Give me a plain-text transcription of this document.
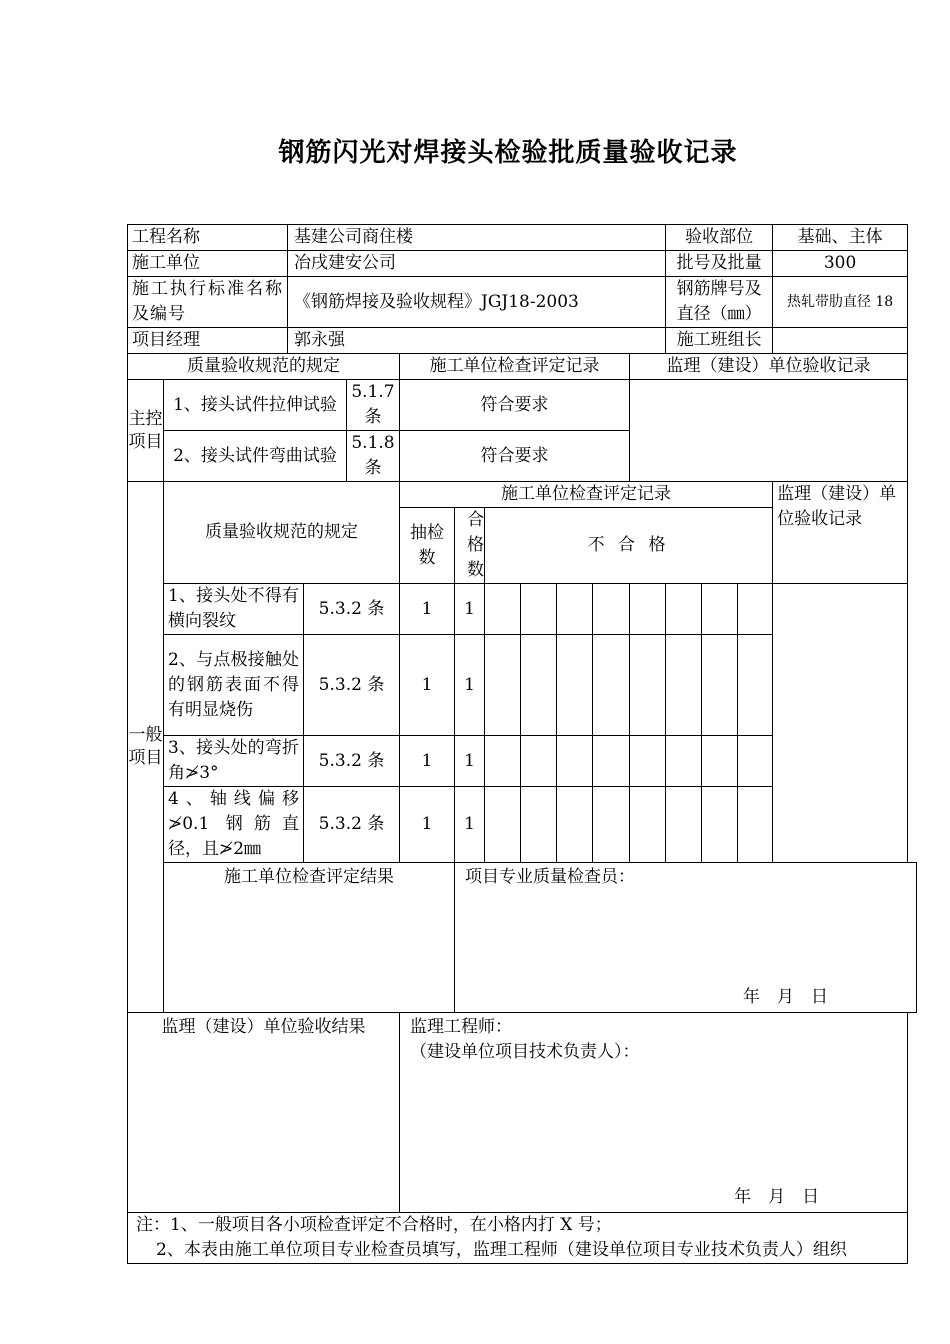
钢筋闪光对焊接头检验批质量验收记录
工程名称		基建公司商住楼										验收部位			基础、主体
施工单位		冶戌建安公司										批号及批量			300
施工执行标准名称及编号		《钢筋焊接及验收规程》JGJ18-2003										钢筋牌号及直径（㎜）			热轧带肋直径 18
项目经理		郭永强										施工班组长			
质量验收规范的规定					施工单位检查评定记录						监理（建设）单位验收记录				
主控项目	1、接头试件拉伸试验			5.1.7 条	符合要求										
	2、接头试件弯曲试验			5.1.8 条	符合要求										
一般项目	质量验收规范的规定				施工单位检查评定记录										监理（建设）单位验收记录
					抽检数	合格数	不 合 格								
	1、接头处不得有横向裂纹		5.3.2 条		1	1									
	2、与点极接触处的钢筋表面不得有明显烧伤		5.3.2 条		1	1									
	3、接头处的弯折角≯3°		5.3.2 条		1	1									
	4、轴线偏移≯0.1 钢筋直径，且≯2㎜		5.3.2 条		1	1									
	施工单位检查评定结果					项目专业质量检查员：
年　月　日									

监理（建设）单位验收结果					监理工程师：
（建设单位项目技术负责人）：
年　月　日										

注：1、一般项目各小项检查评定不合格时，在小格内打 X 号；
2、本表由施工单位项目专业检查员填写，监理工程师（建设单位项目专业技术负责人）组织															
